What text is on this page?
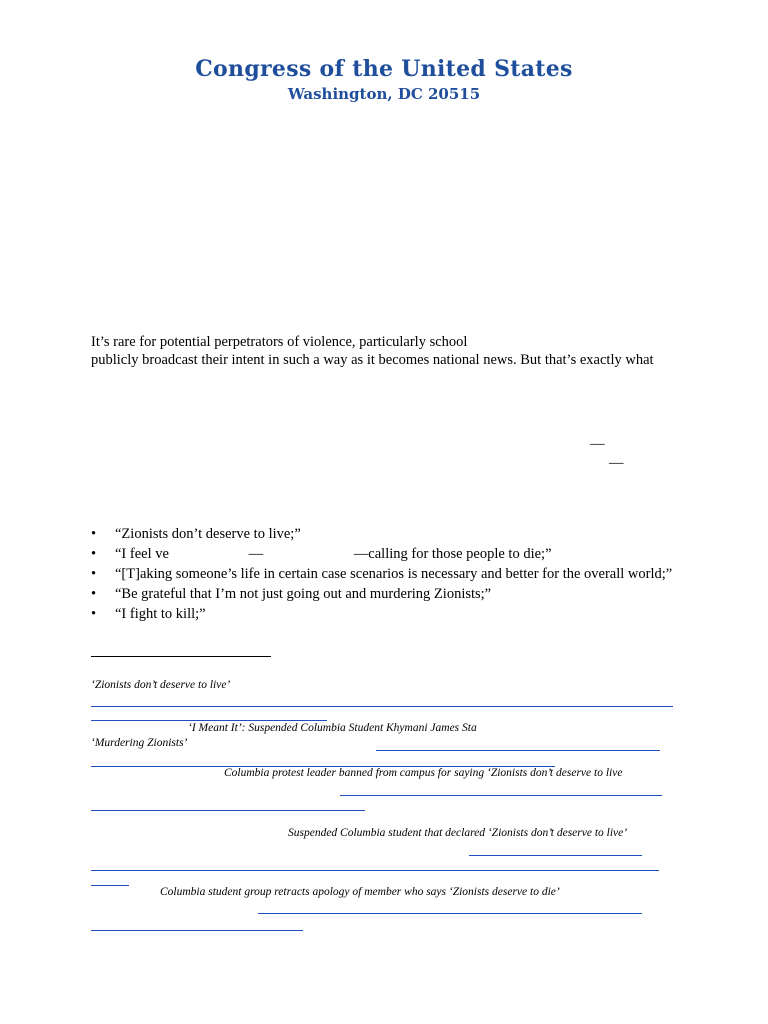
Congress of the United States
Washington, DC 20515
It’s rare for potential perpetrators of violence, particularly school
publicly broadcast their intent in such a way as it becomes national news. But that’s exactly what
—
—
• “Zionists don’t deserve to live;”
• “I feel ve                      —                         —calling for those people to die;”
• “[T]aking someone’s life in certain case scenarios is necessary and better for the overall world;”
• “Be grateful that I’m not just going out and murdering Zionists;”
• “I fight to kill;”
‘Zionists don’t deserve to live’
‘I Meant It’: Suspended Columbia Student Khymani James Sta
‘Murdering Zionists’
Columbia protest leader banned from campus for saying ‘Zionists don’t deserve to live
Suspended Columbia student that declared ‘Zionists don’t deserve to live’
Columbia student group retracts apology of member who says ‘Zionists deserve to die’
